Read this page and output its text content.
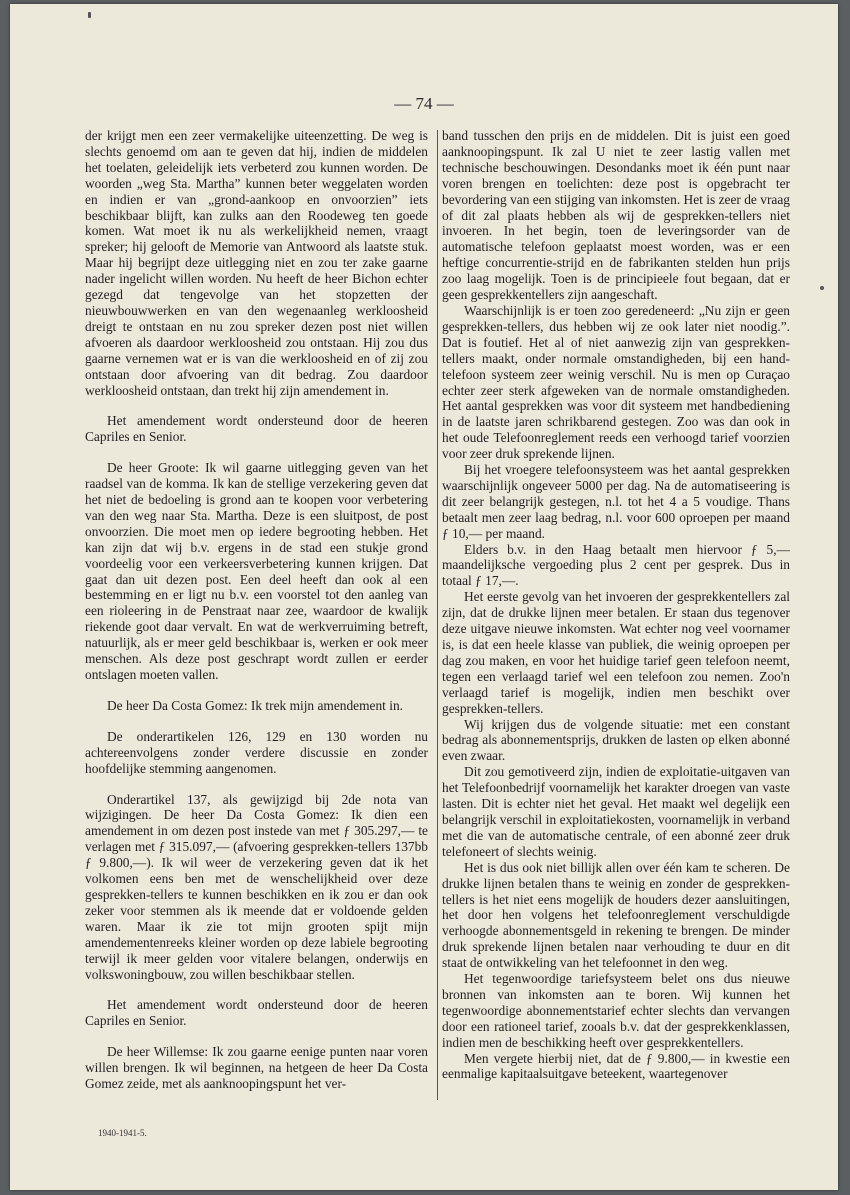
— 74 —

der krijgt men een zeer vermakelijke uiteenzetting. De weg is slechts genoemd om aan te geven dat hij, indien de middelen het toelaten, geleidelijk iets verbeterd zou kunnen worden. De woorden „weg Sta. Martha” kunnen beter weggelaten worden en indien er van „grond-aankoop en onvoorzien” iets beschikbaar blijft, kan zulks aan den Roodeweg ten goede komen. Wat moet ik nu als werkelijkheid nemen, vraagt spreker; hij gelooft de Memorie van Antwoord als laatste stuk. Maar hij begrijpt deze uitlegging niet en zou ter zake gaarne nader ingelicht willen worden. Nu heeft de heer Bichon echter gezegd dat tengevolge van het stopzetten der nieuwbouwwerken en van den wegenaanleg werkloosheid dreigt te ontstaan en nu zou spreker dezen post niet willen afvoeren als daardoor werkloosheid zou ontstaan. Hij zou dus gaarne vernemen wat er is van die werkloosheid en of zij zou ontstaan door afvoering van dit bedrag. Zou daardoor werkloosheid ontstaan, dan trekt hij zijn amendement in.

Het amendement wordt ondersteund door de heeren Capriles en Senior.

De heer Groote: Ik wil gaarne uitlegging geven van het raadsel van de komma. Ik kan de stellige verzekering geven dat het niet de bedoeling is grond aan te koopen voor verbetering van den weg naar Sta. Martha. Deze is een sluitpost, de post onvoorzien. Die moet men op iedere begrooting hebben. Het kan zijn dat wij b.v. ergens in de stad een stukje grond voordeelig voor een verkeersverbetering kunnen krijgen. Dat gaat dan uit dezen post. Een deel heeft dan ook al een bestemming en er ligt nu b.v. een voorstel tot den aanleg van een rioleering in de Penstraat naar zee, waardoor de kwalijk riekende goot daar vervalt. En wat de werkverruiming betreft, natuurlijk, als er meer geld beschikbaar is, werken er ook meer menschen. Als deze post geschrapt wordt zullen er eerder ontslagen moeten vallen.

De heer Da Costa Gomez: Ik trek mijn amendement in.

De onderartikelen 126, 129 en 130 worden nu achtereenvolgens zonder verdere discussie en zonder hoofdelijke stemming aangenomen.

Onderartikel 137, als gewijzigd bij 2de nota van wijzigingen. De heer Da Costa Gomez: Ik dien een amendement in om dezen post instede van met ƒ 305.297,— te verlagen met ƒ 315.097,— (afvoering gesprekken-tellers 137bb ƒ 9.800,—). Ik wil weer de verzekering geven dat ik het volkomen eens ben met de wenschelijkheid over deze gesprekken-tellers te kunnen beschikken en ik zou er dan ook zeker voor stemmen als ik meende dat er voldoende gelden waren. Maar ik zie tot mijn grooten spijt mijn amendementenreeks kleiner worden op deze labiele begrooting terwijl ik meer gelden voor vitalere belangen, onderwijs en volkswoningbouw, zou willen beschikbaar stellen.

Het amendement wordt ondersteund door de heeren Capriles en Senior.

De heer Willemse: Ik zou gaarne eenige punten naar voren willen brengen. Ik wil beginnen, na hetgeen de heer Da Costa Gomez zeide, met als aanknoopingspunt het ver-

band tusschen den prijs en de middelen. Dit is juist een goed aanknoopingspunt. Ik zal U niet te zeer lastig vallen met technische beschouwingen. Desondanks moet ik één punt naar voren brengen en toelichten: deze post is opgebracht ter bevordering van een stijging van inkomsten. Het is zeer de vraag of dit zal plaats hebben als wij de gesprekken-tellers niet invoeren. In het begin, toen de leveringsorder van de automatische telefoon geplaatst moest worden, was er een heftige concurrentie-strijd en de fabrikanten stelden hun prijs zoo laag mogelijk. Toen is de principieele fout begaan, dat er geen gesprekkentellers zijn aangeschaft.

Waarschijnlijk is er toen zoo geredeneerd: „Nu zijn er geen gesprekken-tellers, dus hebben wij ze ook later niet noodig.”. Dat is foutief. Het al of niet aanwezig zijn van gesprekken-tellers maakt, onder normale omstandigheden, bij een hand-telefoon systeem zeer weinig verschil. Nu is men op Curaçao echter zeer sterk afgeweken van de normale omstandigheden. Het aantal gesprekken was voor dit systeem met handbediening in de laatste jaren schrikbarend gestegen. Zoo was dan ook in het oude Telefoonreglement reeds een verhoogd tarief voorzien voor zeer druk sprekende lijnen.

Bij het vroegere telefoonsysteem was het aantal gesprekken waarschijnlijk ongeveer 5000 per dag. Na de automatiseering is dit zeer belangrijk gestegen, n.l. tot het 4 a 5 voudige. Thans betaalt men zeer laag bedrag, n.l. voor 600 oproepen per maand ƒ 10,— per maand.

Elders b.v. in den Haag betaalt men hiervoor ƒ 5,— maandelijksche vergoeding plus 2 cent per gesprek. Dus in totaal ƒ 17,—.

Het eerste gevolg van het invoeren der gesprekkentellers zal zijn, dat de drukke lijnen meer betalen. Er staan dus tegenover deze uitgave nieuwe inkomsten. Wat echter nog veel voornamer is, is dat een heele klasse van publiek, die weinig oproepen per dag zou maken, en voor het huidige tarief geen telefoon neemt, tegen een verlaagd tarief wel een telefoon zou nemen. Zoo'n verlaagd tarief is mogelijk, indien men beschikt over gesprekken-tellers.

Wij krijgen dus de volgende situatie: met een constant bedrag als abonnementsprijs, drukken de lasten op elken abonné even zwaar.

Dit zou gemotiveerd zijn, indien de exploitatie-uitgaven van het Telefoonbedrijf voornamelijk het karakter droegen van vaste lasten. Dit is echter niet het geval. Het maakt wel degelijk een belangrijk verschil in exploitatiekosten, voornamelijk in verband met die van de automatische centrale, of een abonné zeer druk telefoneert of slechts weinig.

Het is dus ook niet billijk allen over één kam te scheren. De drukke lijnen betalen thans te weinig en zonder de gesprekken-tellers is het niet eens mogelijk de houders dezer aansluitingen, het door hen volgens het telefoonreglement verschuldigde verhoogde abonnementsgeld in rekening te brengen. De minder druk sprekende lijnen betalen naar verhouding te duur en dit staat de ontwikkeling van het telefoonnet in den weg.

Het tegenwoordige tariefsysteem belet ons dus nieuwe bronnen van inkomsten aan te boren. Wij kunnen het tegenwoordige abonnementstarief echter slechts dan vervangen door een rationeel tarief, zooals b.v. dat der gesprekkenklassen, indien men de beschikking heeft over gesprekkentellers.

Men vergete hierbij niet, dat de ƒ 9.800,— in kwestie een eenmalige kapitaalsuitgave beteekent, waartegenover

1940-1941-5.
